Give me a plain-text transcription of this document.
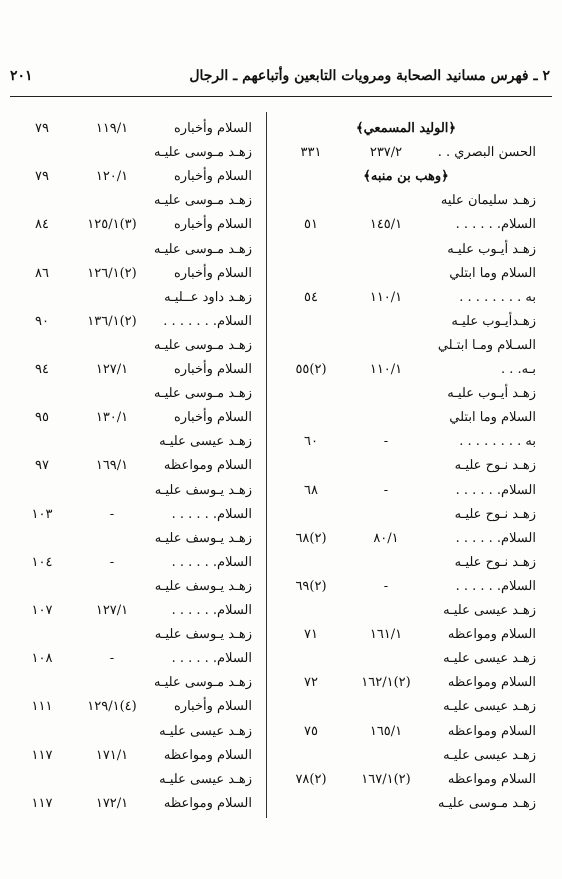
٢٠١	٢ ـ فهرس مسانيد الصحابة ومرويات التابعين وأتباعهم ـ الرجال
﴿الوليد المسمعي﴾
الحسن البصري . .
٢٣٧/٢
٣٣١
﴿وهب بن منبه﴾
زهـد سليمان عليه
السلام. . . . . .
١٤٥/١
٥١
زهـد أيـوب عليـه
السلام وما ابتلي
به . . . . . . . .
١١٠/١
٥٤
زهـدأيـوب عليـه
السـلام ومـا ابتـلي
بـه. . .
١١٠/١
(٢)٥٥
زهـد أيـوب عليـه
السلام وما ابتلي
به . . . . . . . .
-
٦٠
زهـد نـوح عليـه
السلام. . . . . .
-
٦٨
زهـد نـوح عليـه
السلام. . . . . .
٨٠/١
(٢)٦٨
زهـد نـوح عليـه
السلام. . . . . .
-
(٢)٦٩
زهـد عيسى عليـه
السلام ومواعظه
١٦١/١
٧١
زهـد عيسى عليـه
السلام ومواعظه
(٢)١٦٢/١
٧٢
زهـد عيسى عليـه
السلام ومواعظه
١٦٥/١
٧٥
زهـد عيسى عليـه
السلام ومواعظه
(٢)١٦٧/١
(٢)٧٨
زهـد مـوسى عليـه
السلام وأخباره
١١٩/١
٧٩
زهـد مـوسى عليـه
السلام وأخباره
١٢٠/١
٧٩
زهـد مـوسى عليـه
السلام وأخباره
(٣)١٢٥/١
٨٤
زهـد مـوسى عليـه
السلام وأخباره
(٢)١٢٦/١
٨٦
زهـد داود عــليـه
السلام. . . . . . .
(٢)١٣٦/١
٩٠
زهـد مـوسى عليـه
السلام وأخباره
١٢٧/١
٩٤
زهـد مـوسى عليـه
السلام وأخباره
١٣٠/١
٩٥
زهـد عيسى عليـه
السلام ومواعظه
١٦٩/١
٩٧
زهـد يـوسف عليـه
السلام. . . . . .
-
١٠٣
زهـد يـوسف عليـه
السلام. . . . . .
-
١٠٤
زهـد يـوسف عليـه
السلام. . . . . .
١٢٧/١
١٠٧
زهـد يـوسف عليـه
السلام. . . . . .
-
١٠٨
زهـد مـوسى عليـه
السلام وأخباره
(٤)١٢٩/١
١١١
زهـد عيسى عليـه
السلام ومواعظه
١٧١/١
١١٧
زهـد عيسى عليـه
السلام ومواعظه
١٧٢/١
١١٧
